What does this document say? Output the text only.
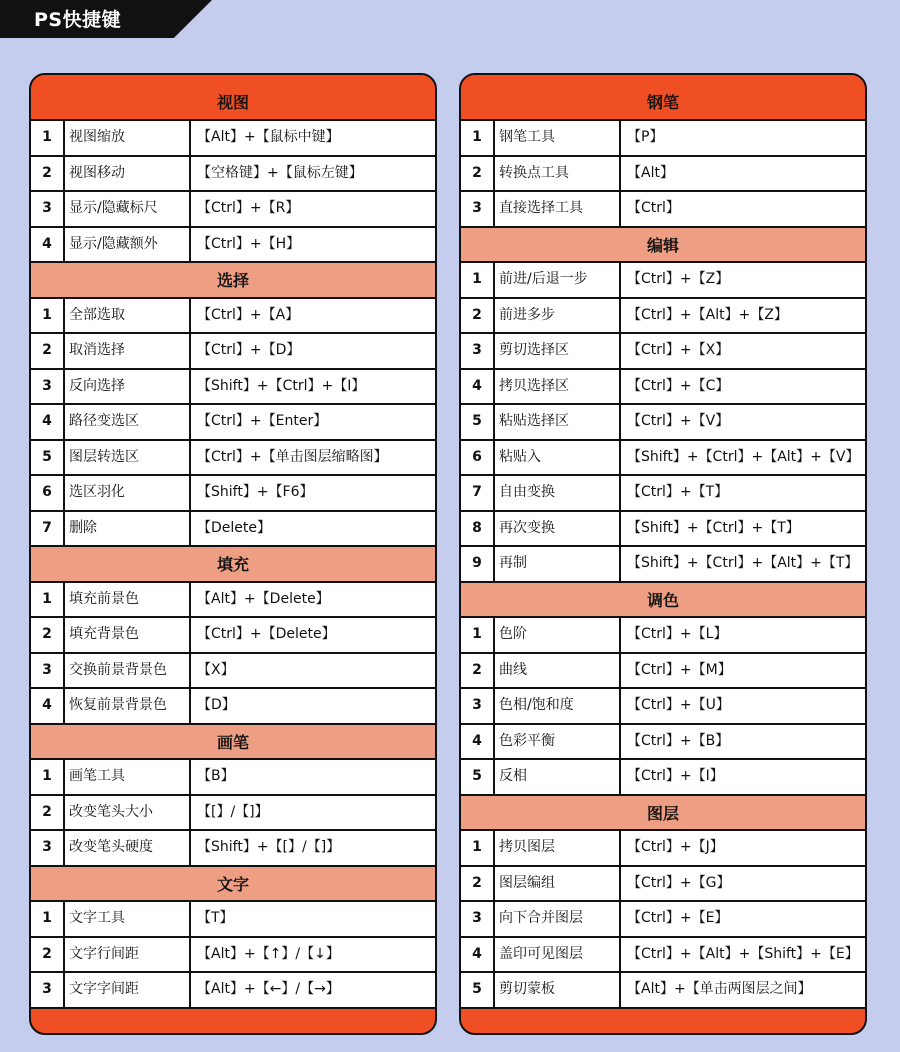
PS快捷键
视图
1	视图缩放	【Alt】+【鼠标中键】
2	视图移动	【空格键】+【鼠标左键】
3	显示/隐藏标尺	【Ctrl】+【R】
4	显示/隐藏额外	【Ctrl】+【H】
选择
1	全部选取	【Ctrl】+【A】
2	取消选择	【Ctrl】+【D】
3	反向选择	【Shift】+【Ctrl】+【I】
4	路径变选区	【Ctrl】+【Enter】
5	图层转选区	【Ctrl】+【单击图层缩略图】
6	选区羽化	【Shift】+【F6】
7	删除	【Delete】
填充
1	填充前景色	【Alt】+【Delete】
2	填充背景色	【Ctrl】+【Delete】
3	交换前景背景色	【X】
4	恢复前景背景色	【D】
画笔
1	画笔工具	【B】
2	改变笔头大小	【[】/【]】
3	改变笔头硬度	【Shift】+【[】/【]】
文字
1	文字工具	【T】
2	文字行间距	【Alt】+【↑】/【↓】
3	文字字间距	【Alt】+【←】/【→】
钢笔
1	钢笔工具	【P】
2	转换点工具	【Alt】
3	直接选择工具	【Ctrl】
编辑
1	前进/后退一步	【Ctrl】+【Z】
2	前进多步	【Ctrl】+【Alt】+【Z】
3	剪切选择区	【Ctrl】+【X】
4	拷贝选择区	【Ctrl】+【C】
5	粘贴选择区	【Ctrl】+【V】
6	粘贴入	【Shift】+【Ctrl】+【Alt】+【V】
7	自由变换	【Ctrl】+【T】
8	再次变换	【Shift】+【Ctrl】+【T】
9	再制	【Shift】+【Ctrl】+【Alt】+【T】
调色
1	色阶	【Ctrl】+【L】
2	曲线	【Ctrl】+【M】
3	色相/饱和度	【Ctrl】+【U】
4	色彩平衡	【Ctrl】+【B】
5	反相	【Ctrl】+【I】
图层
1	拷贝图层	【Ctrl】+【J】
2	图层编组	【Ctrl】+【G】
3	向下合并图层	【Ctrl】+【E】
4	盖印可见图层	【Ctrl】+【Alt】+【Shift】+【E】
5	剪切蒙板	【Alt】+【单击两图层之间】
